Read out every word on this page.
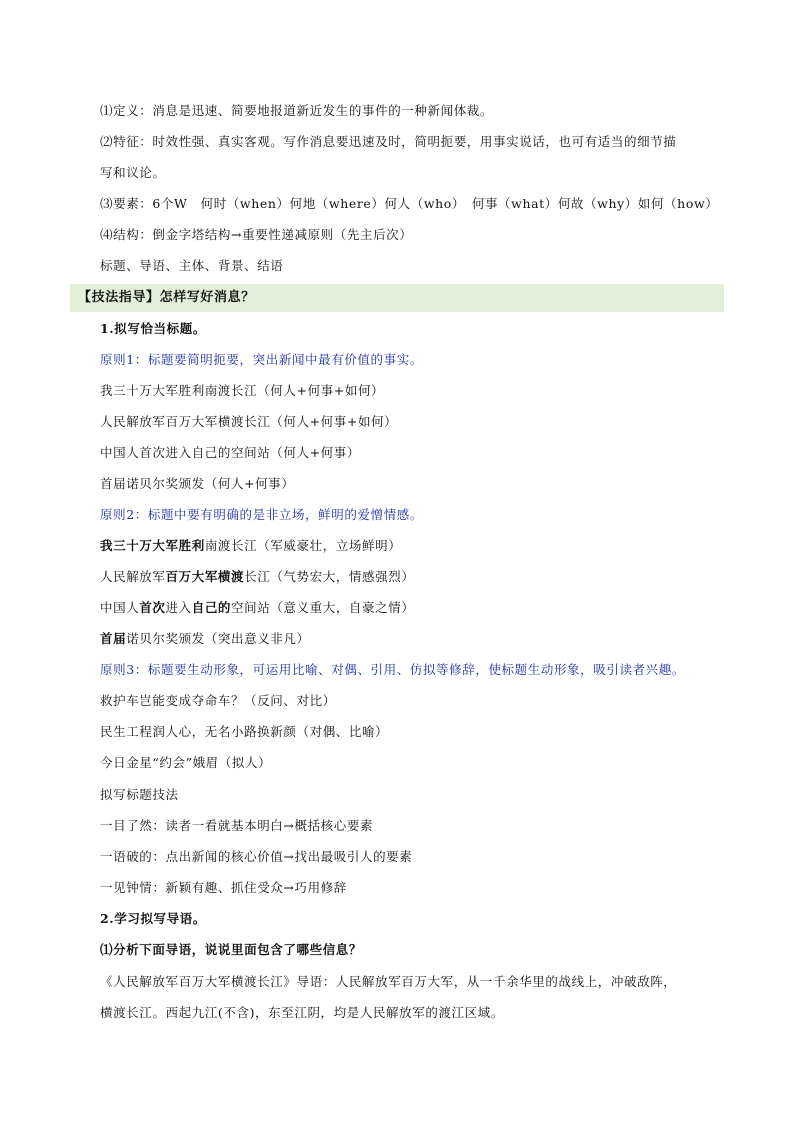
⑴定义：消息是迅速、简要地报道新近发生的事件的一种新闻体裁。
⑵特征：时效性强、真实客观。写作消息要迅速及时，简明扼要，用事实说话，也可有适当的细节描
写和议论。
⑶要素：6个W　何时（when）何地（where）何人（who）　何事（what）何故（why）如何（how）
⑷结构：倒金字塔结构→重要性递减原则（先主后次）
标题、导语、主体、背景、结语
【技法指导】怎样写好消息？
1.拟写恰当标题。
原则1：标题要简明扼要，突出新闻中最有价值的事实。
我三十万大军胜利南渡长江（何人+何事+如何）
人民解放军百万大军横渡长江（何人+何事+如何）
中国人首次进入自己的空间站（何人+何事）
首届诺贝尔奖颁发（何人+何事）
原则2：标题中要有明确的是非立场，鲜明的爱憎情感。
我三十万大军胜利南渡长江（军威豪壮，立场鲜明）
人民解放军百万大军横渡长江（气势宏大，情感强烈）
中国人首次进入自己的空间站（意义重大，自豪之情）
首届诺贝尔奖颁发（突出意义非凡）
原则3：标题要生动形象，可运用比喻、对偶、引用、仿拟等修辞，使标题生动形象，吸引读者兴趣。
救护车岂能变成夺命车？（反问、对比）
民生工程润人心，无名小路换新颜（对偶、比喻）
今日金星“约会”娥眉（拟人）
拟写标题技法
一目了然：读者一看就基本明白→概括核心要素
一语破的：点出新闻的核心价值→找出最吸引人的要素
一见钟情：新颖有趣、抓住受众→巧用修辞
2.学习拟写导语。
⑴分析下面导语，说说里面包含了哪些信息？
《人民解放军百万大军横渡长江》导语：人民解放军百万大军，从一千余华里的战线上，冲破敌阵，
横渡长江。西起九江(不含)，东至江阴，均是人民解放军的渡江区域。
